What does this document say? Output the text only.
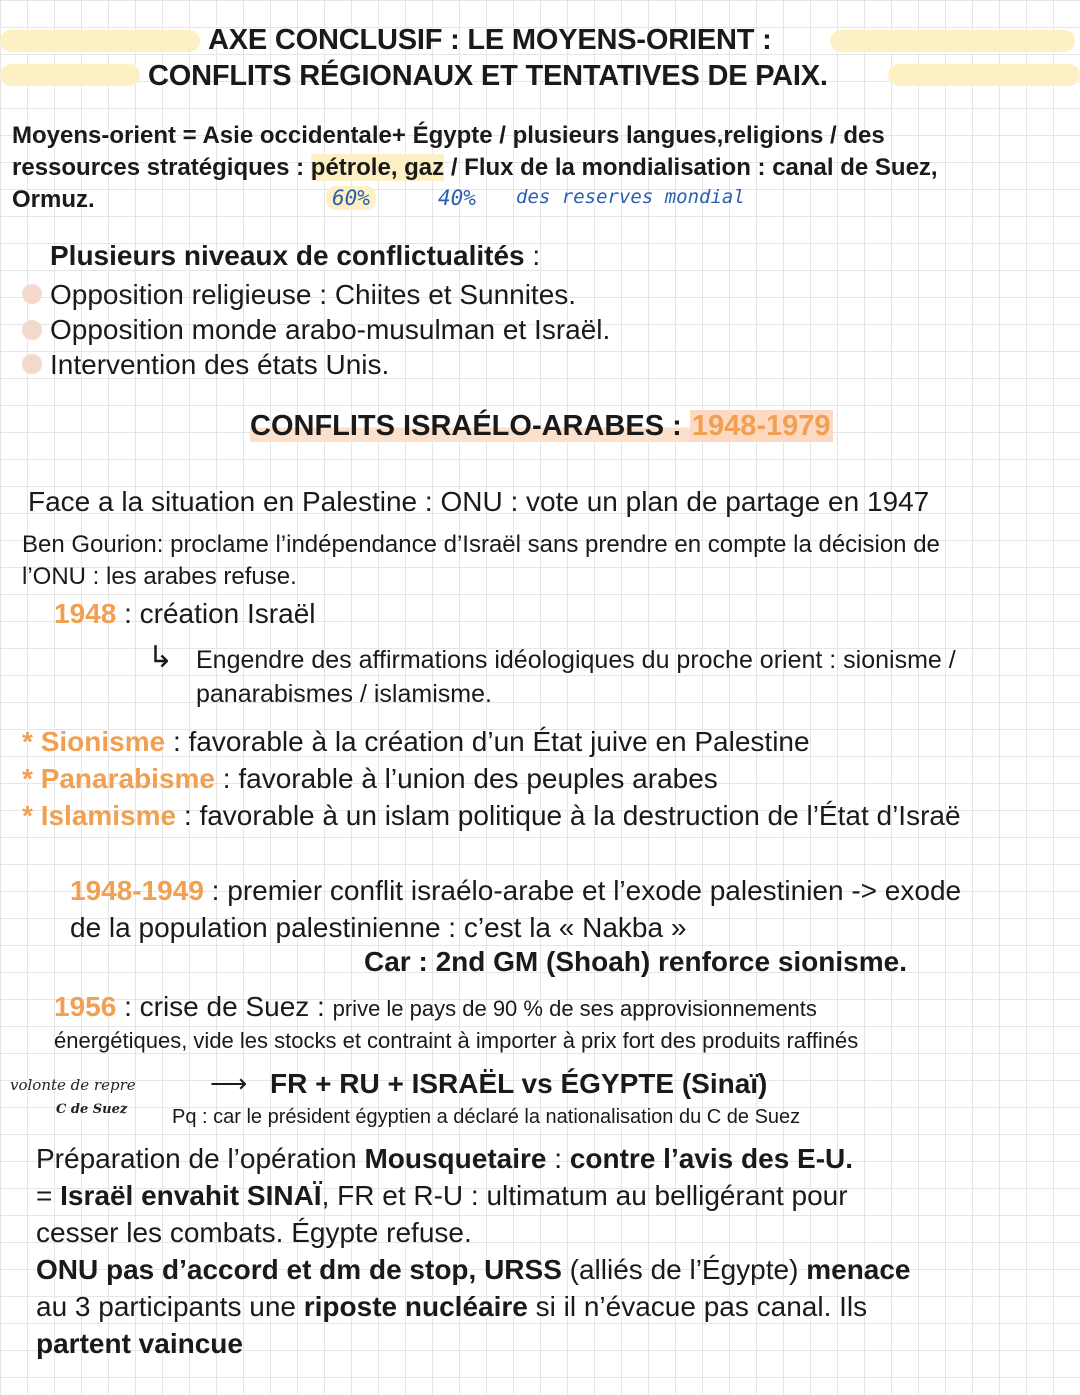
AXE CONCLUSIF : LE MOYENS-ORIENT :
CONFLITS RÉGIONAUX ET TENTATIVES DE PAIX.
Moyens-orient = Asie occidentale+ Égypte / plusieurs langues,religions / des
ressources stratégiques : pétrole, gaz / Flux de la mondialisation : canal de Suez,
Ormuz.	60%	40% des reserves mondial
Plusieurs niveaux de conflictualités :
Opposition religieuse : Chiites et Sunnites.
Opposition monde arabo-musulman et Israël.
Intervention des états Unis.
CONFLITS ISRAÉLO-ARABES : 1948-1979
Face a la situation en Palestine : ONU : vote un plan de partage en 1947
Ben Gourion: proclame l’indépendance d’Israël sans prendre en compte la décision de
l’ONU : les arabes refuse.
1948 : création Israël
↳ Engendre des affirmations idéologiques du proche orient : sionisme /
panarabismes / islamisme.
* Sionisme : favorable à la création d’un État juive en Palestine
* Panarabisme : favorable à l’union des peuples arabes
* Islamisme : favorable à un islam politique à la destruction de l’État d’Israë
1948-1949 : premier conflit israélo-arabe et l’exode palestinien -> exode
de la population palestinienne : c’est la « Nakba »
Car : 2nd GM (Shoah) renforce sionisme.
1956 : crise de Suez : prive le pays de 90 % de ses approvisionnements
énergétiques, vide les stocks et contraint à importer à prix fort des produits raffinés
volonte de repre
C de Suez
⟶ FR + RU + ISRAËL vs ÉGYPTE (Sinaï)
Pq : car le président égyptien a déclaré la nationalisation du C de Suez
Préparation de l’opération Mousquetaire : contre l’avis des E-U.
= Israël envahit SINAÏ, FR et R-U : ultimatum au belligérant pour
cesser les combats. Égypte refuse.
ONU pas d’accord et dm de stop, URSS (alliés de l’Égypte) menace
au 3 participants une riposte nucléaire si il n’évacue pas canal. Ils
partent vaincue
